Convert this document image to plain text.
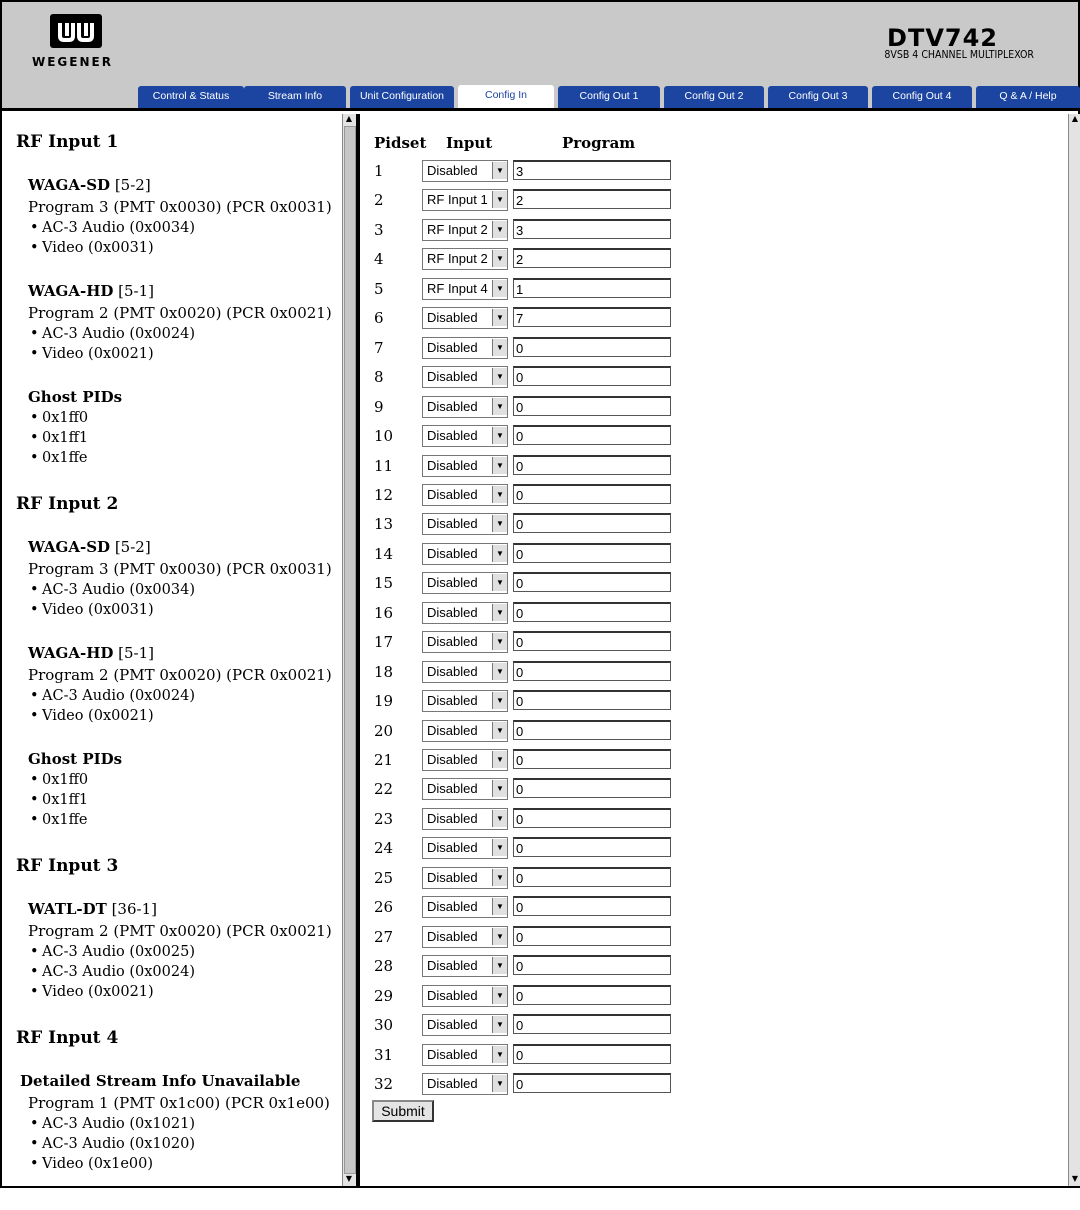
WEGENER
DTV742
8VSB 4 CHANNEL MULTIPLEXOR
Control & Status	Stream Info	Unit Configuration	Config In	Config Out 1	Config Out 2	Config Out 3	Config Out 4	Q & A / Help
RF Input 1
WAGA-SD [5-2]
Program 3 (PMT 0x0030) (PCR 0x0031)
• AC-3 Audio (0x0034)
• Video (0x0031)
WAGA-HD [5-1]
Program 2 (PMT 0x0020) (PCR 0x0021)
• AC-3 Audio (0x0024)
• Video (0x0021)
Ghost PIDs
• 0x1ff0
• 0x1ff1
• 0x1ffe
RF Input 2
WAGA-SD [5-2]
Program 3 (PMT 0x0030) (PCR 0x0031)
• AC-3 Audio (0x0034)
• Video (0x0031)
WAGA-HD [5-1]
Program 2 (PMT 0x0020) (PCR 0x0021)
• AC-3 Audio (0x0024)
• Video (0x0021)
Ghost PIDs
• 0x1ff0
• 0x1ff1
• 0x1ffe
RF Input 3
WATL-DT [36-1]
Program 2 (PMT 0x0020) (PCR 0x0021)
• AC-3 Audio (0x0025)
• AC-3 Audio (0x0024)
• Video (0x0021)
RF Input 4
Detailed Stream Info Unavailable
Program 1 (PMT 0x1c00) (PCR 0x1e00)
• AC-3 Audio (0x1021)
• AC-3 Audio (0x1020)
• Video (0x1e00)
▲
▼
Pidset Input	Program
1	Disabled	▼ 3
2	RF Input 1	▼ 2
3	RF Input 2	▼ 3
4	RF Input 2	▼ 2
5	RF Input 4	▼ 1
6	Disabled	▼ 7
7	Disabled	▼ 0
8	Disabled	▼ 0
9	Disabled	▼ 0
10	Disabled	▼ 0
11	Disabled	▼ 0
12	Disabled	▼ 0
13	Disabled	▼ 0
14	Disabled	▼ 0
15	Disabled	▼ 0
16	Disabled	▼ 0
17	Disabled	▼ 0
18	Disabled	▼ 0
19	Disabled	▼ 0
20	Disabled	▼ 0
21	Disabled	▼ 0
22	Disabled	▼ 0
23	Disabled	▼ 0
24	Disabled	▼ 0
25	Disabled	▼ 0
26	Disabled	▼ 0
27	Disabled	▼ 0
28	Disabled	▼ 0
29	Disabled	▼ 0
30	Disabled	▼ 0
31	Disabled	▼ 0
32	Disabled	▼ 0
Submit
▲
▼
